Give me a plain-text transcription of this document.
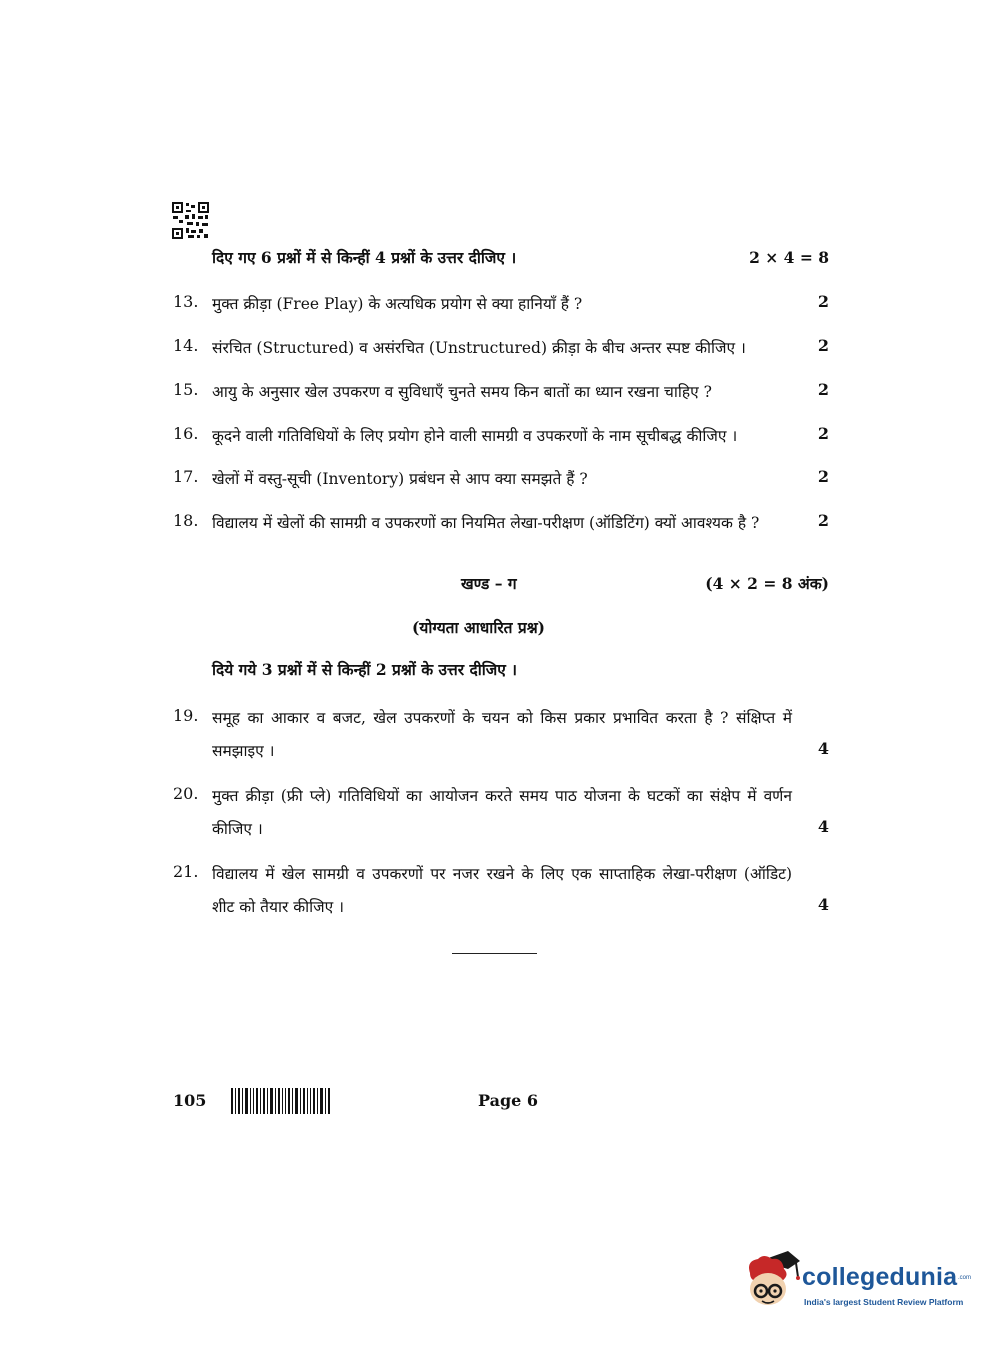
दिए गए 6 प्रश्नों में से किन्हीं 4 प्रश्नों के उत्तर दीजिए ।	2 × 4 = 8
13. मुक्त क्रीड़ा (Free Play) के अत्यधिक प्रयोग से क्या हानियाँ हैं ?	2
14. संरचित (Structured) व असंरचित (Unstructured) क्रीड़ा के बीच अन्तर स्पष्ट कीजिए ।	2
15. आयु के अनुसार खेल उपकरण व सुविधाएँ चुनते समय किन बातों का ध्यान रखना चाहिए ?	2
16. कूदने वाली गतिविधियों के लिए प्रयोग होने वाली सामग्री व उपकरणों के नाम सूचीबद्ध कीजिए ।	2
17. खेलों में वस्तु-सूची (Inventory) प्रबंधन से आप क्या समझते हैं ?	2
18. विद्यालय में खेलों की सामग्री व उपकरणों का नियमित लेखा-परीक्षण (ऑडिटिंग) क्यों आवश्यक है ?	2
खण्ड – ग	(4 × 2 = 8 अंक)
(योग्यता आधारित प्रश्न)
दिये गये 3 प्रश्नों में से किन्हीं 2 प्रश्नों के उत्तर दीजिए ।
19. समूह का आकार व बजट, खेल उपकरणों के चयन को किस प्रकार प्रभावित करता है ? संक्षिप्त में
समझाइए ।	4
20. मुक्त क्रीड़ा (फ्री प्ले) गतिविधियों का आयोजन करते समय पाठ योजना के घटकों का संक्षेप में वर्णन
कीजिए ।	4
21. विद्यालय में खेल सामग्री व उपकरणों पर नजर रखने के लिए एक साप्ताहिक लेखा-परीक्षण (ऑडिट)
शीट को तैयार कीजिए ।	4
105	Page 6
collegedunia .com
India's largest Student Review Platform
